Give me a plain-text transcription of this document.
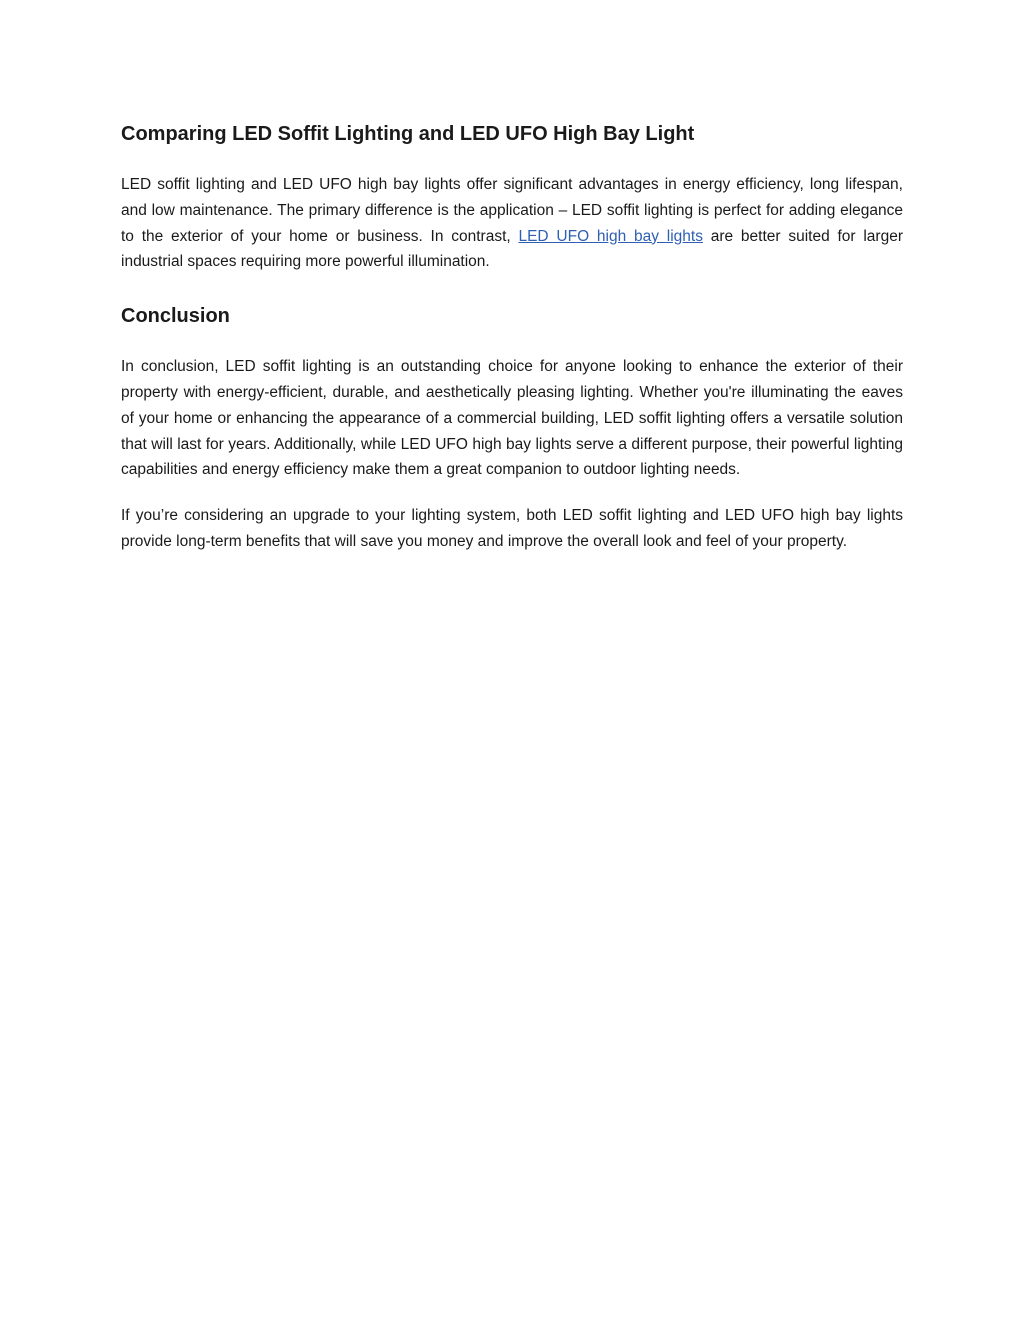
Comparing LED Soffit Lighting and LED UFO High Bay Light

LED soffit lighting and LED UFO high bay lights offer significant advantages in energy efficiency, long lifespan, and low maintenance. The primary difference is the application – LED soffit lighting is perfect for adding elegance to the exterior of your home or business. In contrast, LED UFO high bay lights are better suited for larger industrial spaces requiring more powerful illumination.

Conclusion

In conclusion, LED soffit lighting is an outstanding choice for anyone looking to enhance the exterior of their property with energy-efficient, durable, and aesthetically pleasing lighting. Whether you're illuminating the eaves of your home or enhancing the appearance of a commercial building, LED soffit lighting offers a versatile solution that will last for years. Additionally, while LED UFO high bay lights serve a different purpose, their powerful lighting capabilities and energy efficiency make them a great companion to outdoor lighting needs.

If you’re considering an upgrade to your lighting system, both LED soffit lighting and LED UFO high bay lights provide long-term benefits that will save you money and improve the overall look and feel of your property.
